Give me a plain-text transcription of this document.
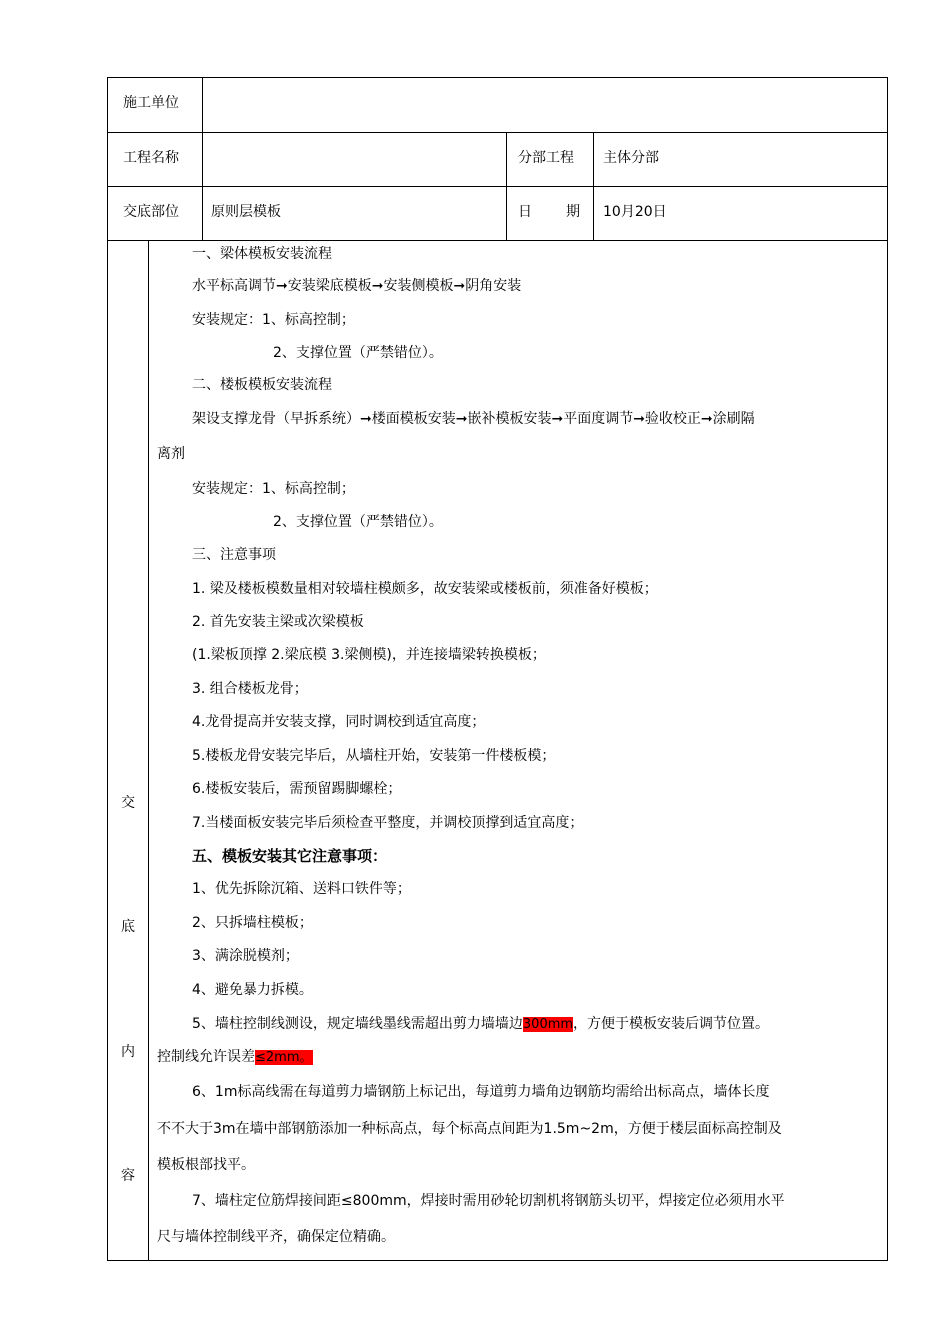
施工单位
工程名称	分部工程 主体分部
交底部位 原则层模板	日 期 10月20日
交
底
内
容
一、梁体模板安装流程
水平标高调节➞安装梁底模板➞安装侧模板➞阴角安装
安装规定：1、标高控制；
2、支撑位置（严禁错位）。
二、楼板模板安装流程
架设支撑龙骨（早拆系统）➞楼面模板安装➞嵌补模板安装➞平面度调节➞验收校正➞涂刷隔
离剂
安装规定：1、标高控制；
2、支撑位置（严禁错位）。
三、注意事项
1. 梁及楼板模数量相对较墙柱模颇多，故安装梁或楼板前，须准备好模板；
2. 首先安装主梁或次梁模板
(1.梁板顶撑 2.梁底模 3.梁侧模)，并连接墙梁转换模板；
3. 组合楼板龙骨；
4.龙骨提高并安装支撑，同时调校到适宜高度；
5.楼板龙骨安装完毕后，从墙柱开始，安装第一件楼板模；
6.楼板安装后，需预留踢脚螺栓；
7.当楼面板安装完毕后须检查平整度，并调校顶撑到适宜高度；
五、模板安装其它注意事项：
1、优先拆除沉箱、送料口铁件等；
2、只拆墙柱模板；
3、满涂脱模剂；
4、避免暴力拆模。
5、墙柱控制线测设，规定墙线墨线需超出剪力墙墙边300mm，方便于模板安装后调节位置。
控制线允许误差≤2mm。
6、1m标高线需在每道剪力墙钢筋上标记出，每道剪力墙角边钢筋均需给出标高点，墙体长度
不不大于3m在墙中部钢筋添加一种标高点，每个标高点间距为1.5m~2m，方便于楼层面标高控制及
模板根部找平。
7、墙柱定位筋焊接间距≤800mm，焊接时需用砂轮切割机将钢筋头切平，焊接定位必须用水平
尺与墙体控制线平齐，确保定位精确。
